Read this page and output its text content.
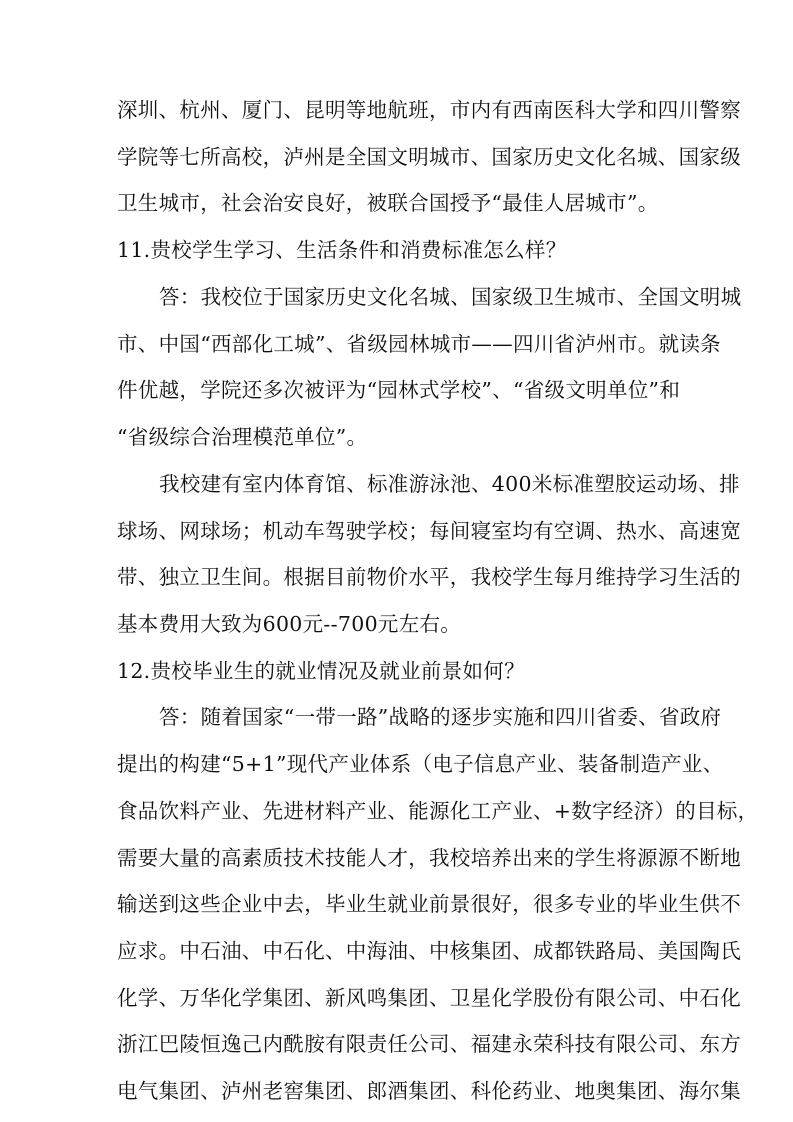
深圳、杭州、厦门、昆明等地航班，市内有西南医科大学和四川警察
学院等七所高校，泸州是全国文明城市、国家历史文化名城、国家级
卫生城市，社会治安良好，被联合国授予“最佳人居城市”。
11.贵校学生学习、生活条件和消费标准怎么样？
答：我校位于国家历史文化名城、国家级卫生城市、全国文明城
市、中国“西部化工城”、省级园林城市——四川省泸州市。就读条
件优越，学院还多次被评为“园林式学校”、“省级文明单位”和
“省级综合治理模范单位”。
我校建有室内体育馆、标准游泳池、400米标准塑胶运动场、排
球场、网球场；机动车驾驶学校；每间寝室均有空调、热水、高速宽
带、独立卫生间。根据目前物价水平，我校学生每月维持学习生活的
基本费用大致为600元--700元左右。
12.贵校毕业生的就业情况及就业前景如何？
答：随着国家“一带一路”战略的逐步实施和四川省委、省政府
提出的构建“5+1”现代产业体系（电子信息产业、装备制造产业、
食品饮料产业、先进材料产业、能源化工产业、+数字经济）的目标，
需要大量的高素质技术技能人才，我校培养出来的学生将源源不断地
输送到这些企业中去，毕业生就业前景很好，很多专业的毕业生供不
应求。中石油、中石化、中海油、中核集团、成都铁路局、美国陶氏
化学、万华化学集团、新风鸣集团、卫星化学股份有限公司、中石化
浙江巴陵恒逸己内酰胺有限责任公司、福建永荣科技有限公司、东方
电气集团、泸州老窖集团、郎酒集团、科伦药业、地奥集团、海尔集
